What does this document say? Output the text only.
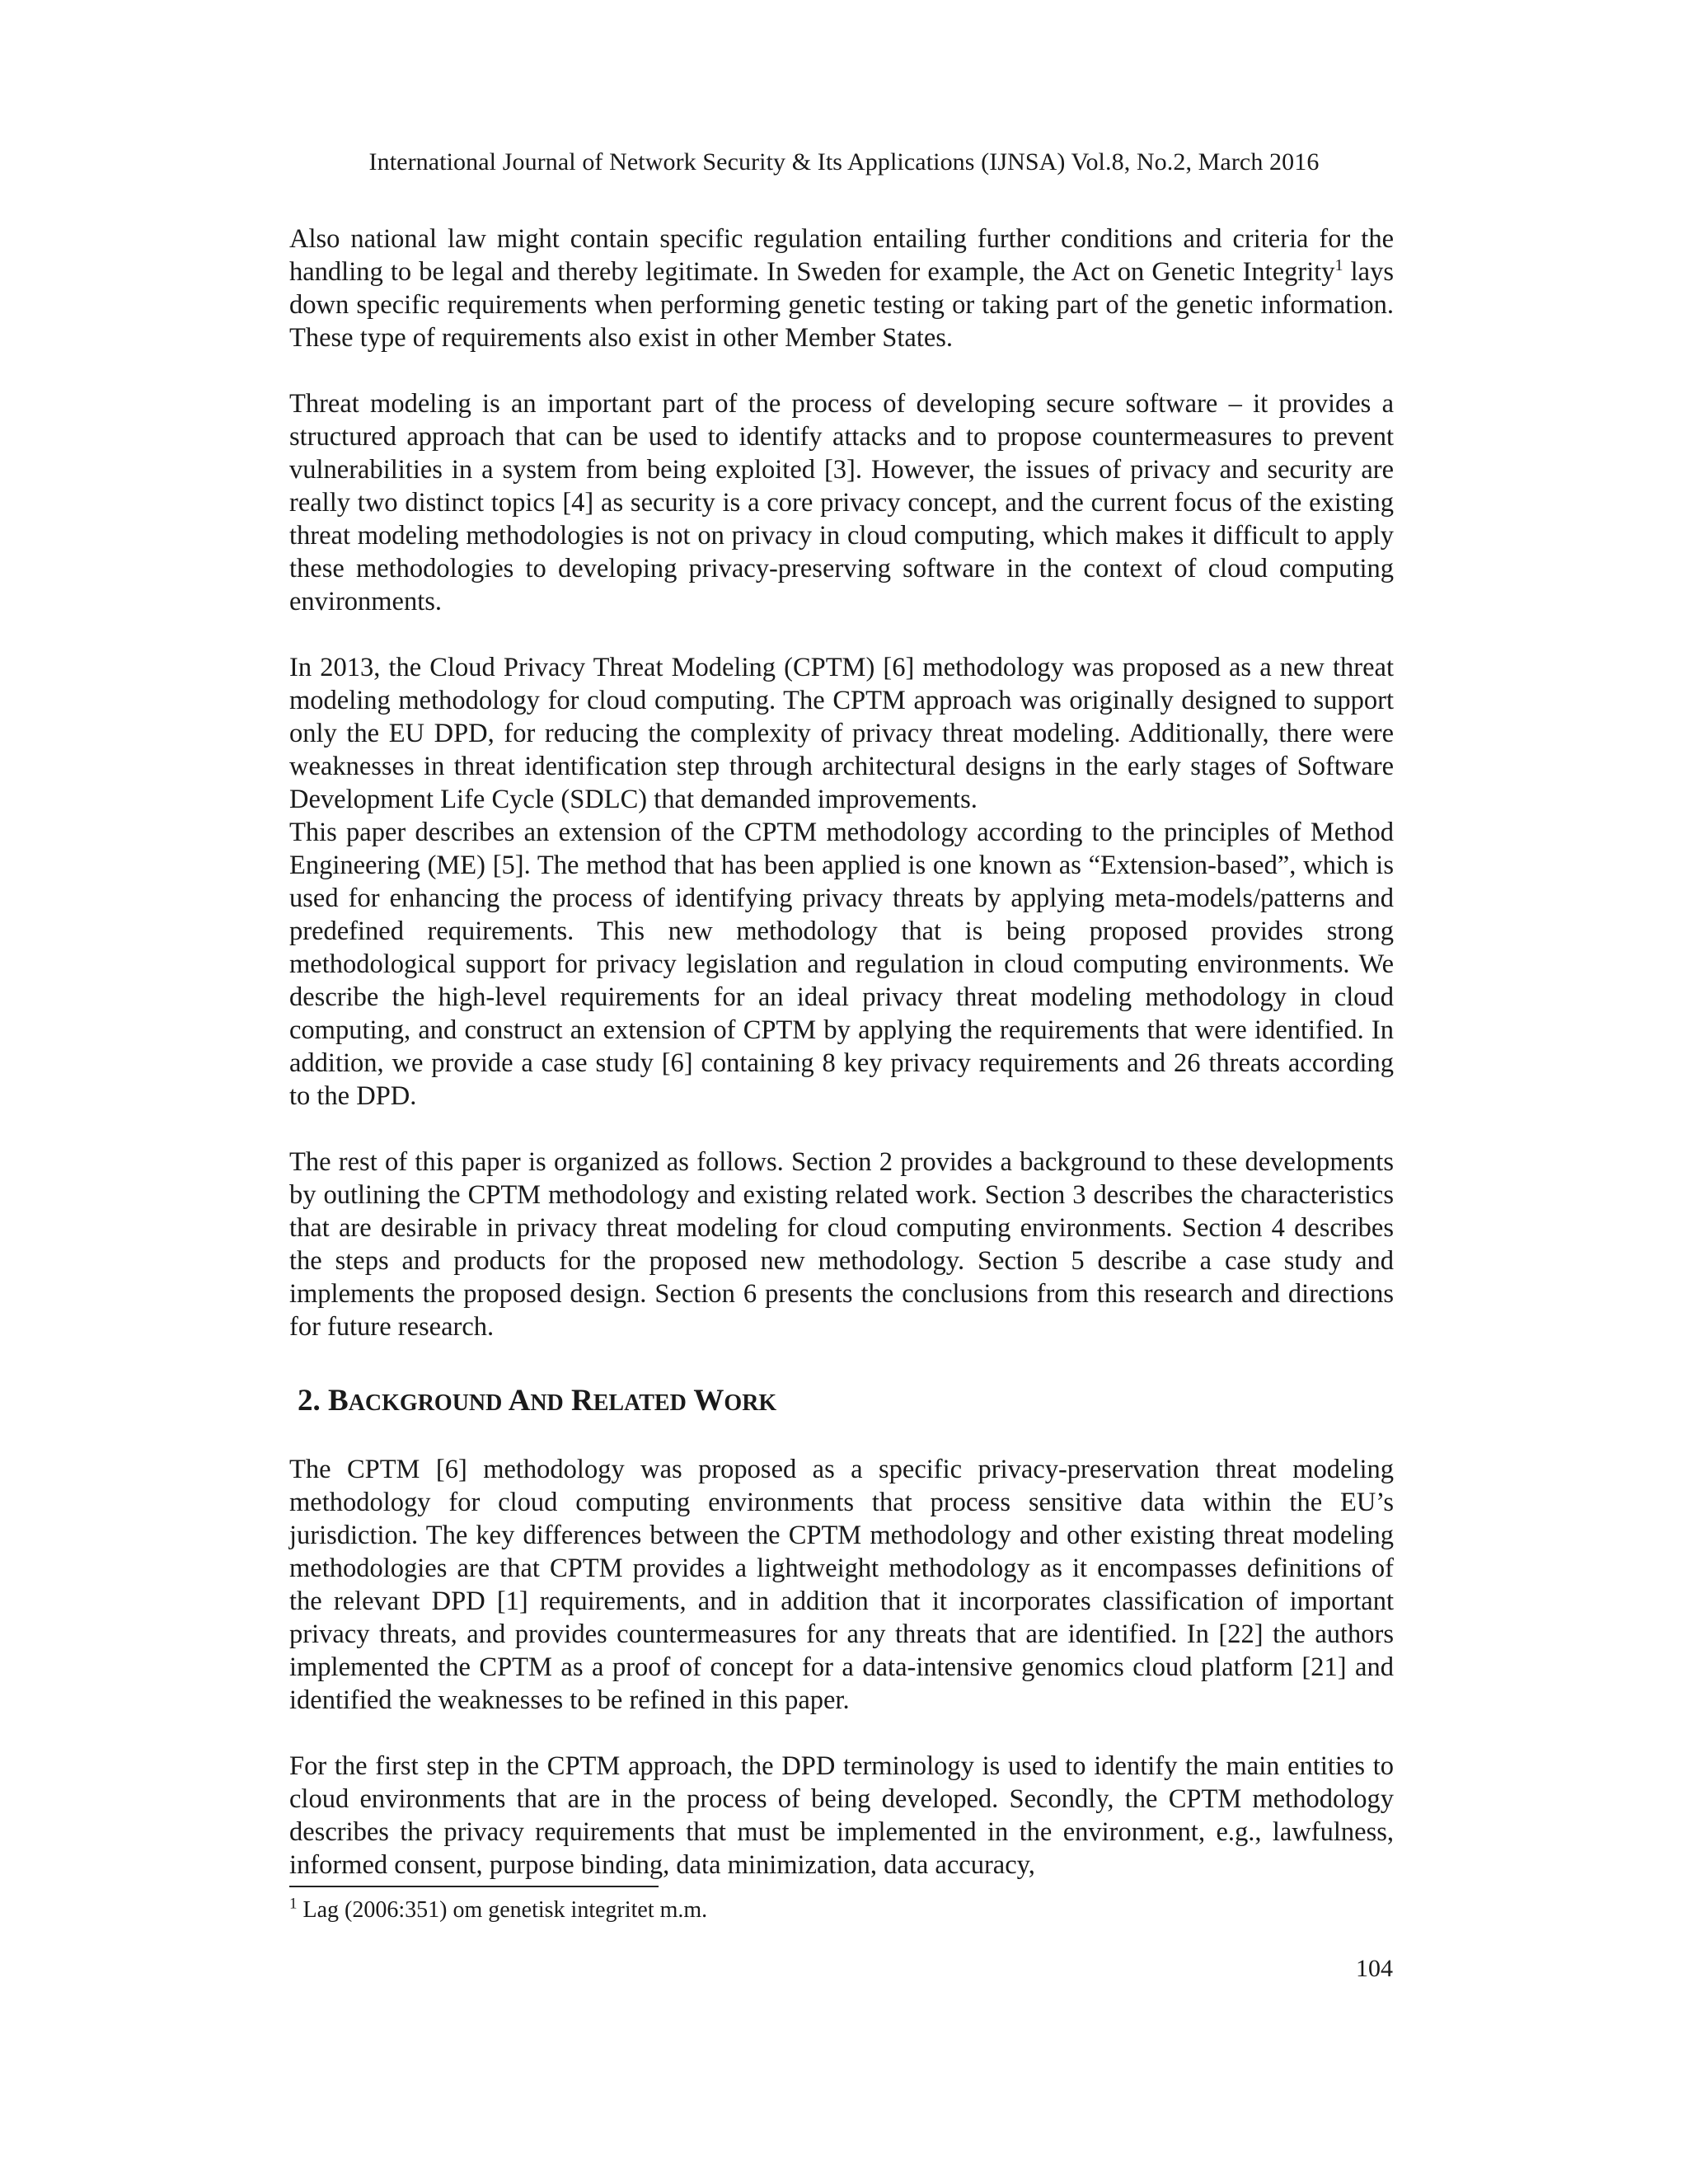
International Journal of Network Security & Its Applications (IJNSA) Vol.8, No.2, March 2016

Also national law might contain specific regulation entailing further conditions and criteria for the handling to be legal and thereby legitimate. In Sweden for example, the Act on Genetic Integrity$^1$ lays down specific requirements when performing genetic testing or taking part of the genetic information. These type of requirements also exist in other Member States.

Threat modeling is an important part of the process of developing secure software – it provides a structured approach that can be used to identify attacks and to propose countermeasures to prevent vulnerabilities in a system from being exploited [3]. However, the issues of privacy and security are really two distinct topics [4] as security is a core privacy concept, and the current focus of the existing threat modeling methodologies is not on privacy in cloud computing, which makes it difficult to apply these methodologies to developing privacy-preserving software in the context of cloud computing environments.

In 2013, the Cloud Privacy Threat Modeling (CPTM) [6] methodology was proposed as a new threat modeling methodology for cloud computing. The CPTM approach was originally designed to support only the EU DPD, for reducing the complexity of privacy threat modeling. Additionally, there were weaknesses in threat identification step through architectural designs in the early stages of Software Development Life Cycle (SDLC) that demanded improvements.

This paper describes an extension of the CPTM methodology according to the principles of Method Engineering (ME) [5]. The method that has been applied is one known as “Extension-based”, which is used for enhancing the process of identifying privacy threats by applying meta-models/patterns and predefined requirements. This new methodology that is being proposed provides strong methodological support for privacy legislation and regulation in cloud computing environments. We describe the high-level requirements for an ideal privacy threat modeling methodology in cloud computing, and construct an extension of CPTM by applying the requirements that were identified. In addition, we provide a case study [6] containing 8 key privacy requirements and 26 threats according to the DPD.

The rest of this paper is organized as follows. Section 2 provides a background to these developments by outlining the CPTM methodology and existing related work. Section 3 describes the characteristics that are desirable in privacy threat modeling for cloud computing environments. Section 4 describes the steps and products for the proposed new methodology. Section 5 describe a case study and implements the proposed design. Section 6 presents the conclusions from this research and directions for future research.

2. BACKGROUND AND RELATED WORK

The CPTM [6] methodology was proposed as a specific privacy-preservation threat modeling methodology for cloud computing environments that process sensitive data within the EU’s jurisdiction. The key differences between the CPTM methodology and other existing threat modeling methodologies are that CPTM provides a lightweight methodology as it encompasses definitions of the relevant DPD [1] requirements, and in addition that it incorporates classification of important privacy threats, and provides countermeasures for any threats that are identified. In [22] the authors implemented the CPTM as a proof of concept for a data-intensive genomics cloud platform [21] and identified the weaknesses to be refined in this paper.

For the first step in the CPTM approach, the DPD terminology is used to identify the main entities to cloud environments that are in the process of being developed. Secondly, the CPTM methodology describes the privacy requirements that must be implemented in the environment, e.g., lawfulness, informed consent, purpose binding, data minimization, data accuracy,

$^1$ Lag (2006:351) om genetisk integritet m.m.
104
